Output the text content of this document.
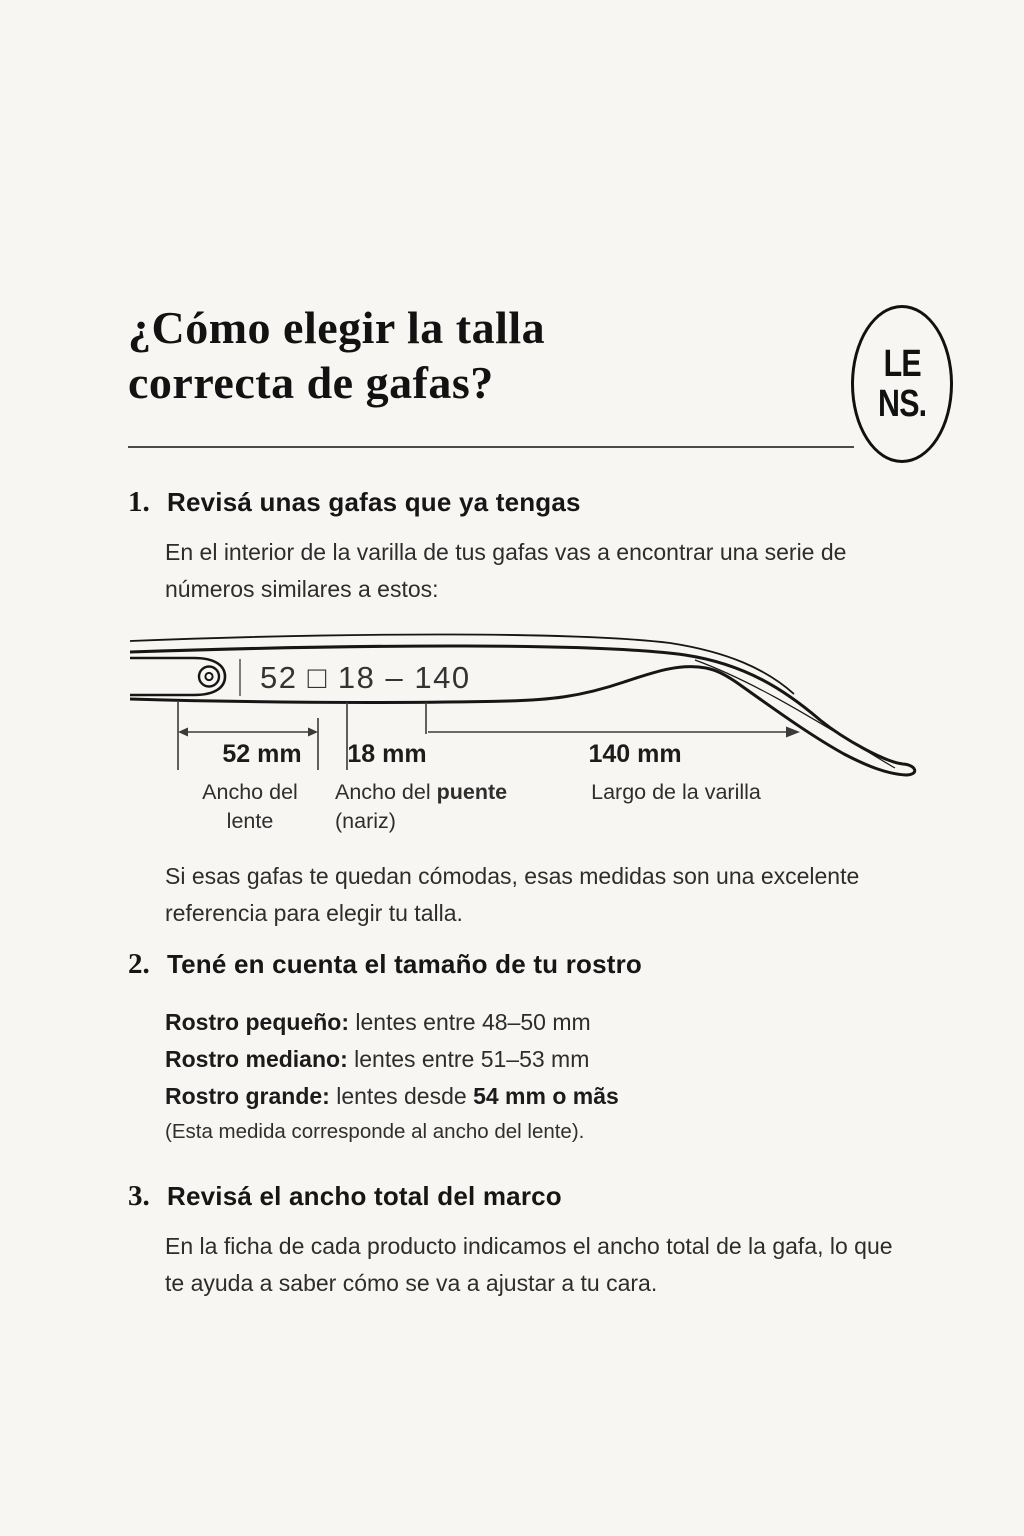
¿Cómo elegir la talla
correcta de gafas?	LE
NS.
1. Revisá unas gafas que ya tengas
En el interior de la varilla de tus gafas vas a encontrar una serie de números similares a estos:
52 □ 18 – 140
52 mm 18 mm	140 mm
Ancho del
lente
Ancho del puente
(nariz)
Largo de la varilla
Si esas gafas te quedan cómodas, esas medidas son una excelente referencia para elegir tu talla.
2. Tené en cuenta el tamaño de tu rostro
Rostro pequeño: lentes entre 48–50 mm
Rostro mediano: lentes entre 51–53 mm
Rostro grande: lentes desde 54 mm o mãs
(Esta medida corresponde al ancho del lente).
3. Revisá el ancho total del marco
En la ficha de cada producto indicamos el ancho total de la gafa, lo que te ayuda a saber cómo se va a ajustar a tu cara.
